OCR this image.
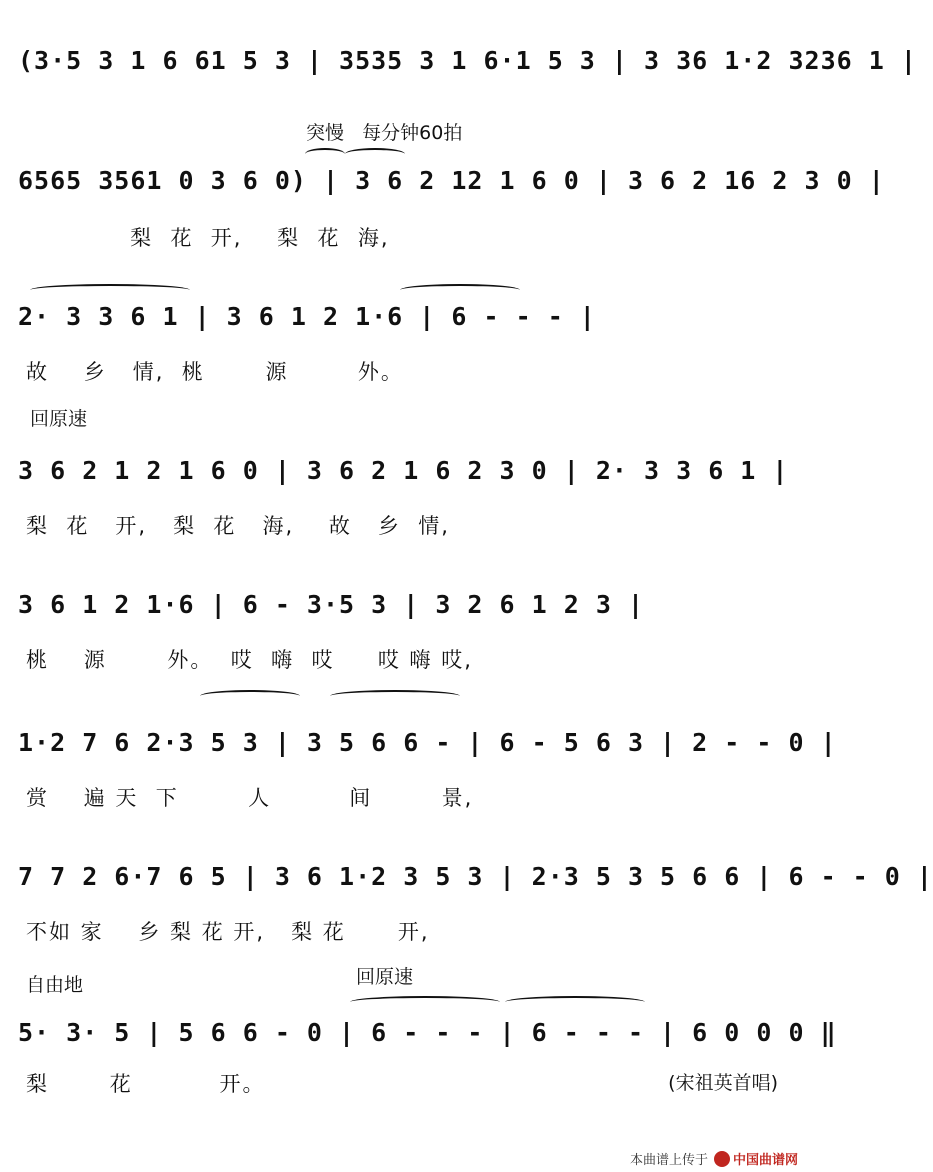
(3·5 3 1 6 61 5 3 | 3535 3 1 6·1 5 3 | 3 36 1·2 3236 1 |
突慢 每分钟60拍
6565 3561 0 3 6 0) | 3 6 2 12 1 6 0 | 3 6 2 16 2 3 0 |
梨  花  开,    梨  花  海,
2· 3 3 6 1 | 3 6 1 2 1·6 | 6 - - - |
故    乡   情,  桃       源        外。
回原速
3 6 2 1 2 1 6 0 | 3 6 2 1 6 2 3 0 | 2· 3 3 6 1 |
梨  花   开,   梨  花   海,    故   乡  情,
3 6 1 2 1·6 | 6 - 3·5 3 | 3 2 6 1 2 3 |
桃    源       外。  哎  嗨  哎     哎 嗨 哎,
1·2 7 6 2·3 5 3 | 3 5 6 6 - | 6 - 5 6 3 | 2 - - 0 |
赏    遍 天  下        人         间        景,
7 7 2 6·7 6 5 | 3 6 1·2 3 5 3 | 2·3 5 3 5 6 6 | 6 - - 0 |
不如 家    乡 梨 花 开,   梨 花      开,
自由地	回原速
5· 3· 5 | 5 6 6 - 0 | 6 - - - | 6 - - - | 6 0 0 0 ‖
梨       花          开。	(宋祖英首唱)
本曲谱上传于 中国曲谱网
